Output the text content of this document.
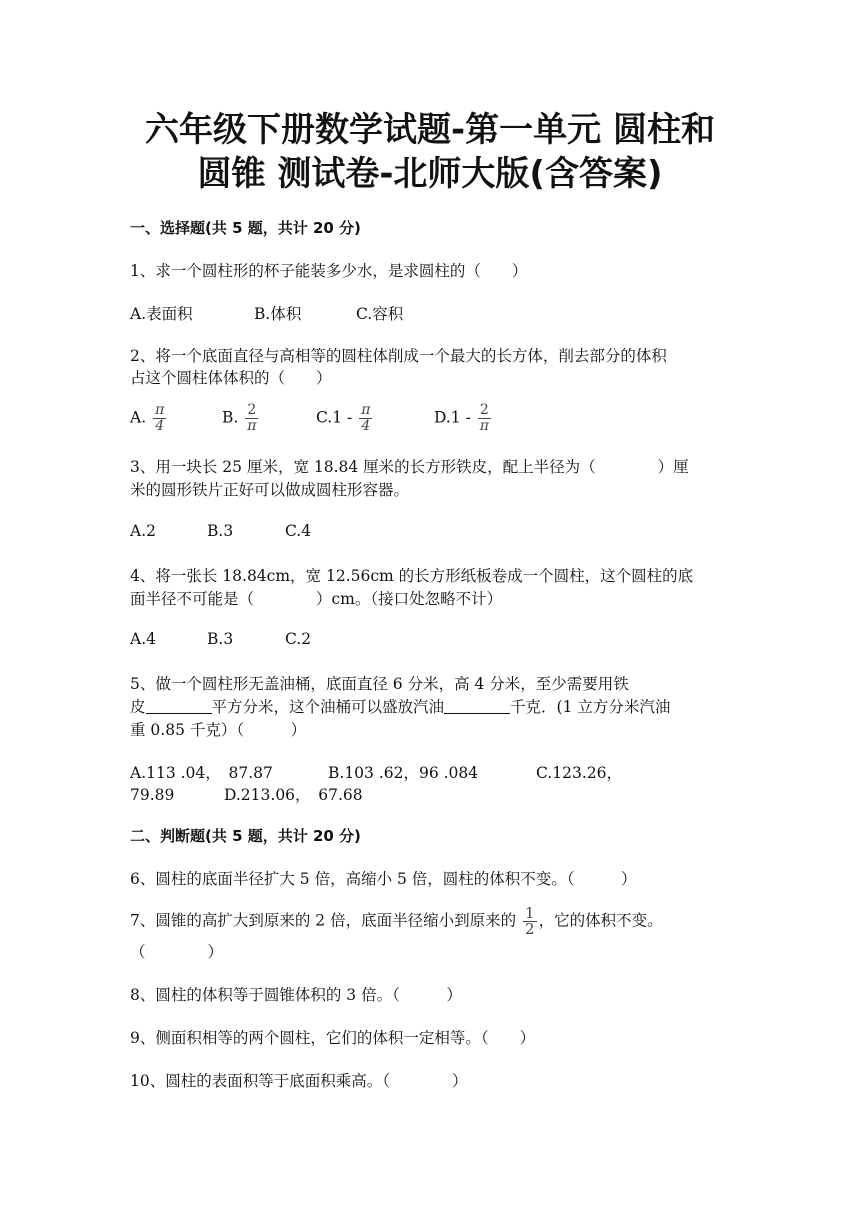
六年级下册数学试题-第一单元 圆柱和
圆锥 测试卷-北师大版(含答案)
一、选择题(共 5 题，共计 20 分)
1、求一个圆柱形的杯子能装多少水，是求圆柱的（　　）
A.表面积	B.体积	C.容积
2、将一个底面直径与高相等的圆柱体削成一个最大的长方体，削去部分的体积
占这个圆柱体体积的（　　）
A. $\frac{\pi}{4}$	B. $\frac{2}{\pi}$	$C.1 - \frac{\pi}{4}$	$D.1 - \frac{2}{\pi}$
3、用一块长 25 厘米，宽 18.84 厘米的长方形铁皮，配上半径为（　　　　）厘
米的圆形铁片正好可以做成圆柱形容器。
A.2	B.3	C.4
4、将一张长 18.84cm，宽 12.56cm 的长方形纸板卷成一个圆柱，这个圆柱的底
面半径不可能是（　　　　）cm。（接口处忽略不计）
A.4	B.3	C.2
5、做一个圆柱形无盖油桶，底面直径 6 分米，高 4 分米，至少需要用铁
皮	平方分米，这个油桶可以盛放汽油	千克．(1 立方分米汽油
重 0.85 千克）（　　　）
A.113 .04，　87.87	B.103 .62，96 .084	C.123.26，
79.89	D.213.06，　67.68
二、判断题(共 5 题，共计 20 分)
6、圆柱的底面半径扩大 5 倍，高缩小 5 倍，圆柱的体积不变。（　　　）
7、圆锥的高扩大到原来的 2 倍，底面半径缩小到原来的 $\frac{1}{2}$ ，它的体积不变。
（　　　　）
8、圆柱的体积等于圆锥体积的 3 倍。（　　　）
9、侧面积相等的两个圆柱，它们的体积一定相等。（　　）
10、圆柱的表面积等于底面积乘高。（　　　　）
